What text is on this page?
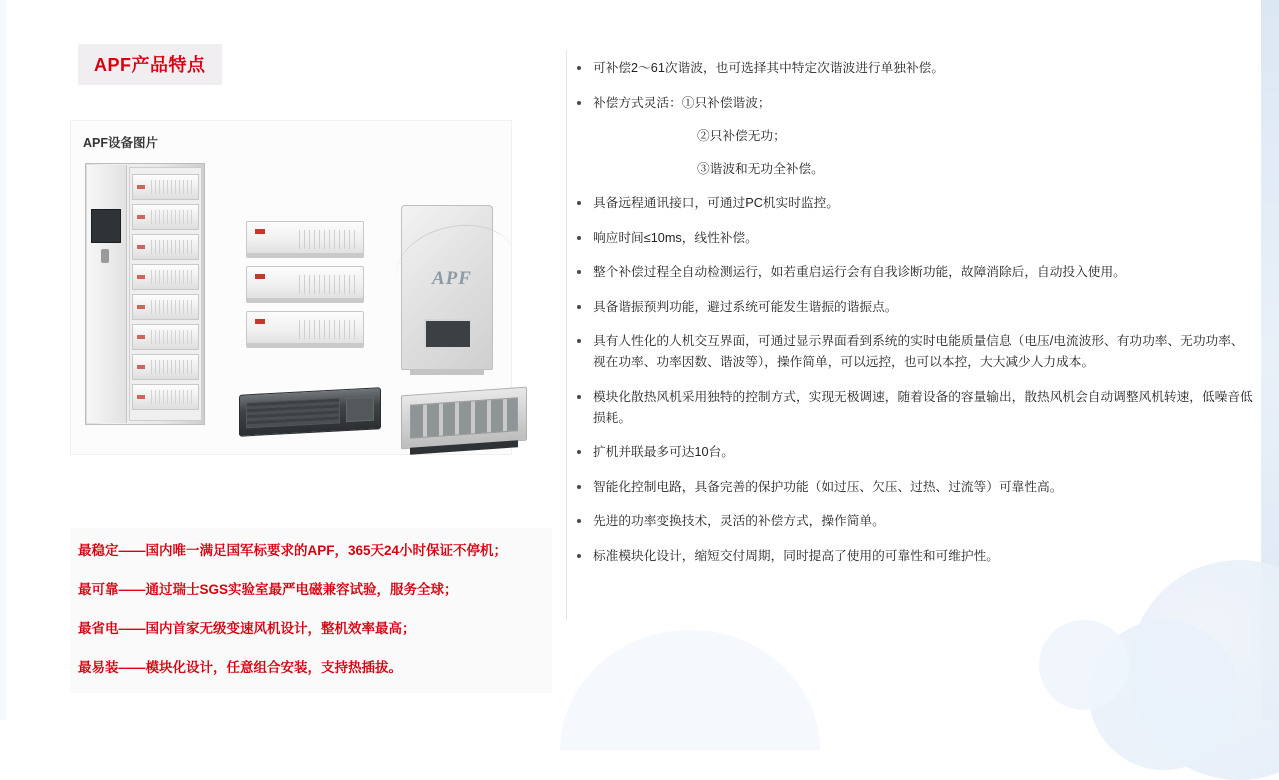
APF产品特点
APF设备图片
APF
最稳定——国内唯一满足国军标要求的APF，365天24小时保证不停机；
最可靠——通过瑞士SGS实验室最严电磁兼容试验，服务全球；
最省电——国内首家无级变速风机设计，整机效率最高；
最易装——模块化设计，任意组合安装，支持热插拔。
可补偿2～61次谐波，也可选择其中特定次谐波进行单独补偿。
补偿方式灵活：①只补偿谐波；
②只补偿无功；
③谐波和无功全补偿。
具备远程通讯接口，可通过PC机实时监控。
响应时间≤10ms，线性补偿。
整个补偿过程全自动检测运行，如若重启运行会有自我诊断功能，故障消除后，自动投入使用。
具备谐振预判功能，避过系统可能发生谐振的谐振点。
具有人性化的人机交互界面，可通过显示界面看到系统的实时电能质量信息（电压/电流波形、有功功率、无功功率、视在功率、功率因数、谐波等），操作简单，可以远控，也可以本控，大大减少人力成本。
模块化散热风机采用独特的控制方式，实现无极调速，随着设备的容量输出，散热风机会自动调整风机转速，低噪音低损耗。
扩机并联最多可达10台。
智能化控制电路，具备完善的保护功能（如过压、欠压、过热、过流等）可靠性高。
先进的功率变换技术，灵活的补偿方式，操作简单。
标准模块化设计，缩短交付周期，同时提高了使用的可靠性和可维护性。
